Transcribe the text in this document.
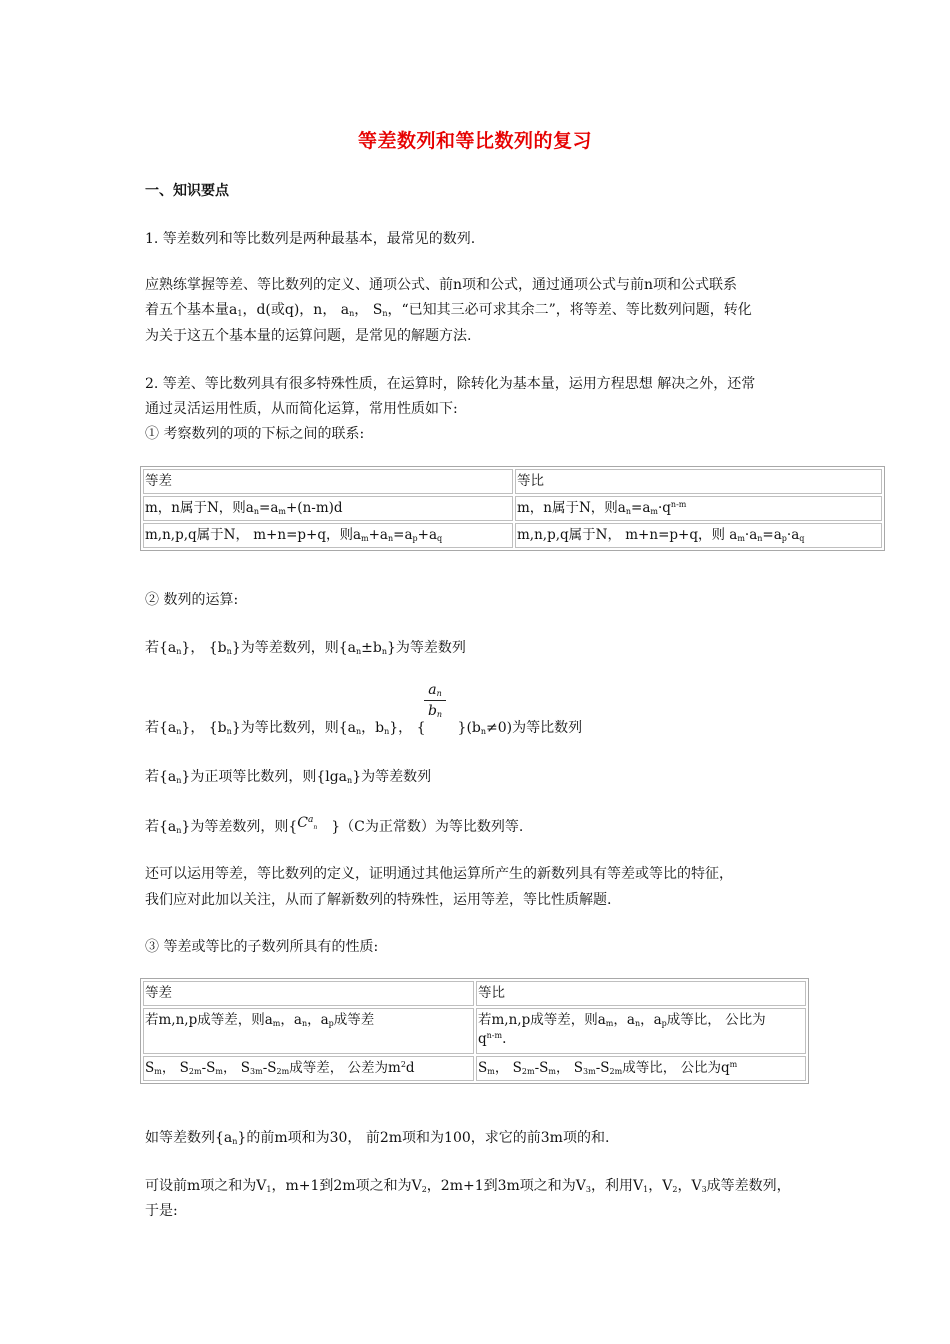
等差数列和等比数列的复习
一、知识要点
1. 等差数列和等比数列是两种最基本，最常见的数列.
应熟练掌握等差、等比数列的定义、通项公式、前n项和公式，通过通项公式与前n项和公式联系
着五个基本量$a_1$，d(或q)，n， $a_n$， $S_n$，“已知其三必可求其余二”，将等差、等比数列问题，转化
为关于这五个基本量的运算问题，是常见的解题方法.
2. 等差、等比数列具有很多特殊性质，在运算时，除转化为基本量，运用方程思想 解决之外，还常
通过灵活运用性质，从而简化运算，常用性质如下:
① 考察数列的项的下标之间的联系:
等差	等比
m，n属于N，则$a_n=a_m+(n-m)d$	m，n属于N，则$a_n=a_m\cdot q^{n-m}$
m,n,p,q属于N， m+n=p+q，则$a_m+a_n=a_p+a_q$	m,n,p,q属于N， m+n=p+q，则 $a_m\cdot a_n=a_p\cdot a_q$
② 数列的运算:
若$\{a_n\}$， $\{b_n\}$为等差数列，则$\{a_n\pm b_n\}$为等差数列
$a_n$
$b_n$
若$\{a_n\}$， $\{b_n\}$为等比数列，则{$a_n$，$b_n$}， { }$(b_n\ne 0)$为等比数列
若$\{a_n\}$为正项等比数列，则{lga$_n$}为等差数列
若$\{a_n\}$为等差数列，则{$C^a_n$ }（C为正常数）为等比数列等.
还可以运用等差，等比数列的定义，证明通过其他运算所产生的新数列具有等差或等比的特征，
我们应对此加以关注，从而了解新数列的特殊性，运用等差，等比性质解题.
③ 等差或等比的子数列所具有的性质:
等差	等比
若m,n,p成等差，则$a_m$，$a_n$，$a_p$成等差	若m,n,p成等差，则$a_m$，$a_n$，$a_p$成等比， 公比为
$q^{n-m}$.
$S_m$， $S_{2m}-S_m$， $S_{3m}-S_{2m}$成等差， 公差为$m^2d$	$S_m$， $S_{2m}-S_m$， $S_{3m}-S_{2m}$成等比， 公比为$q^m$
如等差数列$\{a_n\}$的前m项和为30， 前2m项和为100，求它的前3m项的和.
可设前m项之和为$V_1$，m+1到2m项之和为$V_2$，2m+1到3m项之和为$V_3$，利用$V_1$，$V_2$，$V_3$成等差数列，
于是:
